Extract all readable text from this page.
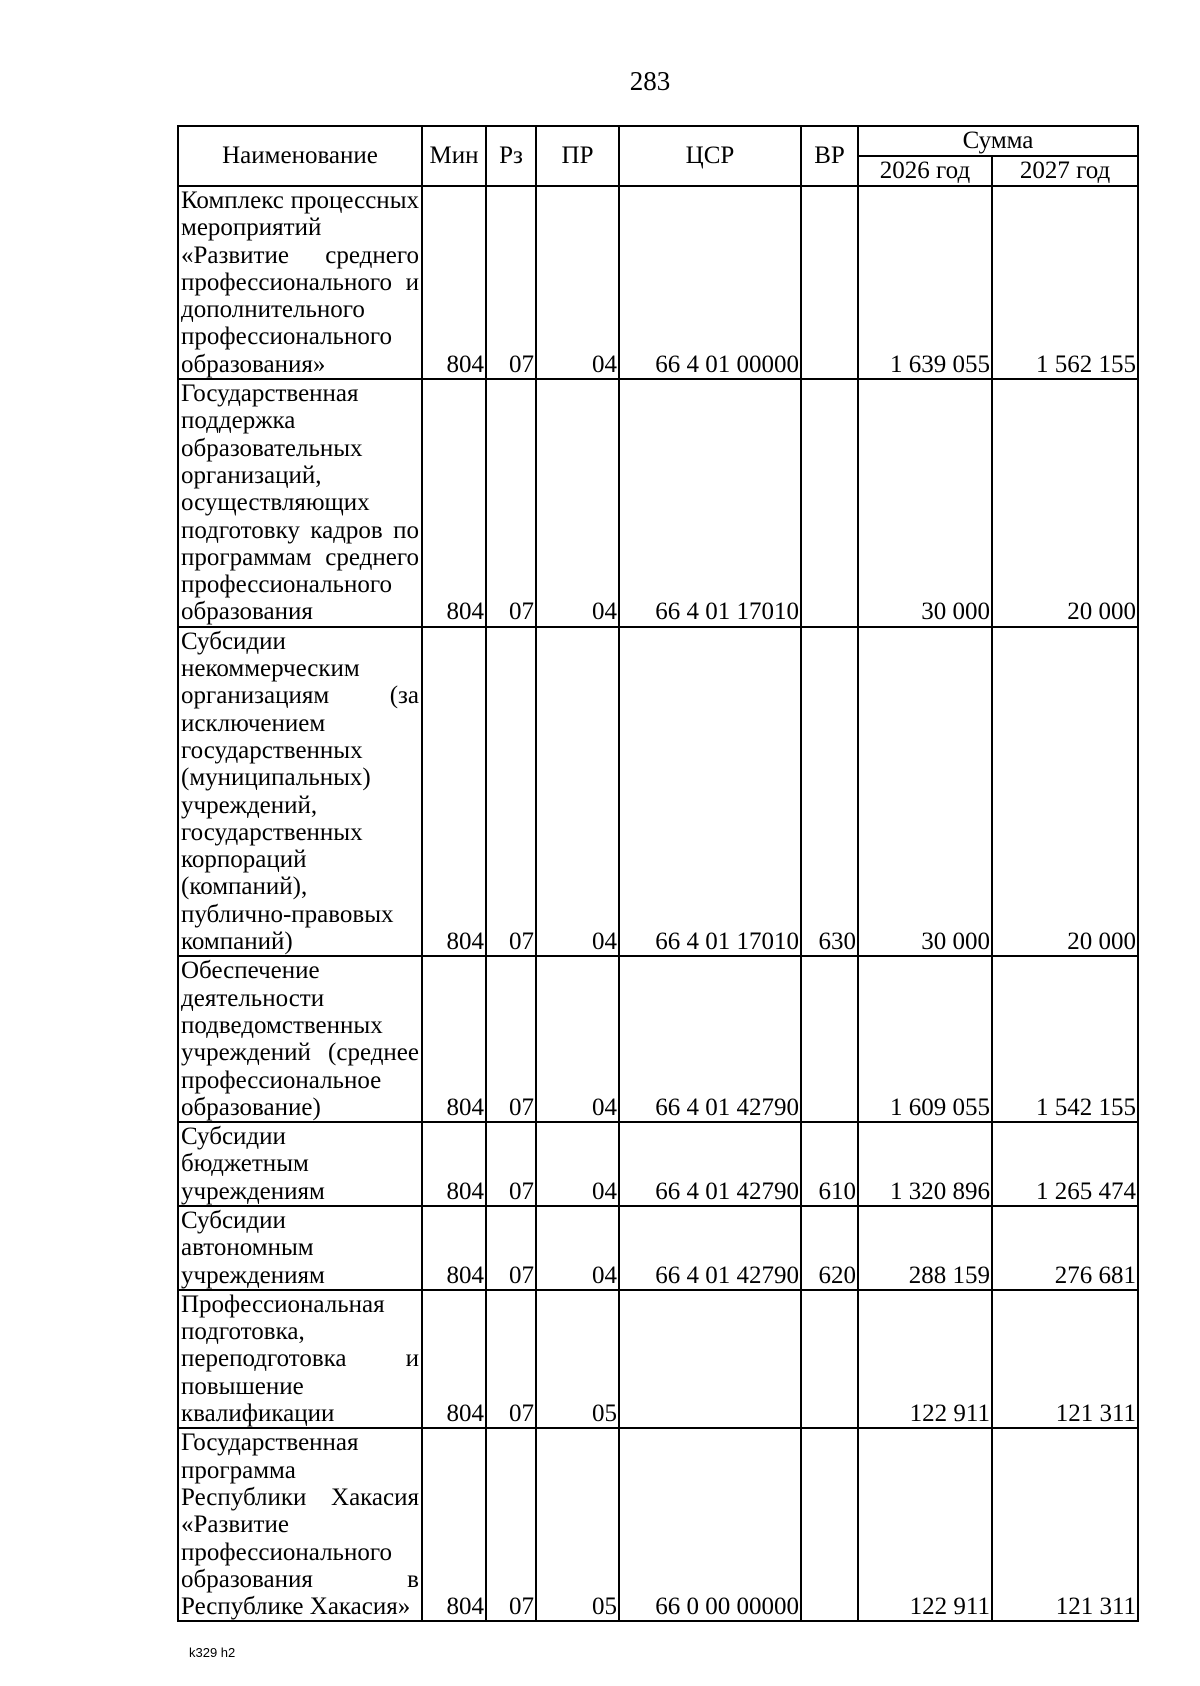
283
Наименование	Мин	Рз	ПР	ЦСР	ВР	Сумма	
						2026 год	2027 год
Комплекс процессных мероприятий «Развитие среднего профессионального и дополнительного профессионального образования»	804	07	04	66 4 01 00000		1 639 055	1 562 155
Государственная поддержка образовательных организаций, осуществляющих подготовку кадров по программам среднего профессионального образования	804	07	04	66 4 01 17010		30 000	20 000
Субсидии некоммерческим организациям (за исключением государственных (муниципальных) учреждений, государственных корпораций (компаний), публично-правовых компаний)	804	07	04	66 4 01 17010	630	30 000	20 000
Обеспечение деятельности подведомственных учреждений (среднее профессиональное образование)	804	07	04	66 4 01 42790		1 609 055	1 542 155
Субсидии бюджетным учреждениям	804	07	04	66 4 01 42790	610	1 320 896	1 265 474
Субсидии автономным учреждениям	804	07	04	66 4 01 42790	620	288 159	276 681
Профессиональная подготовка, переподготовка и повышение квалификации	804	07	05			122 911	121 311
Государственная программа Республики Хакасия «Развитие профессионального образования в Республике Хакасия»	804	07	05	66 0 00 00000		122 911	121 311
k329 h2
